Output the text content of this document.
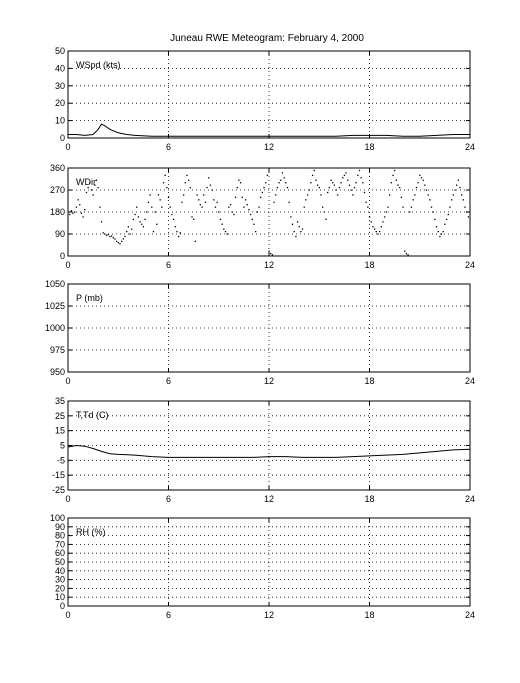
Juneau RWE Meteogram: February 4, 2000
0	6	12	18	24
0
10
20
30
40
50
WSpd (kts)
0	6	12	18	24
0
90
180
270
360
WDir
0	6	12	18	24
950
975
1000
1025
1050
P (mb)
0	6	12	18	24
-25
-15
-5
5
15
25
35
T,Td (C)
0	6	12	18	24
0
10
20
30
40
50
60
70
80
90
100
RH (%)
